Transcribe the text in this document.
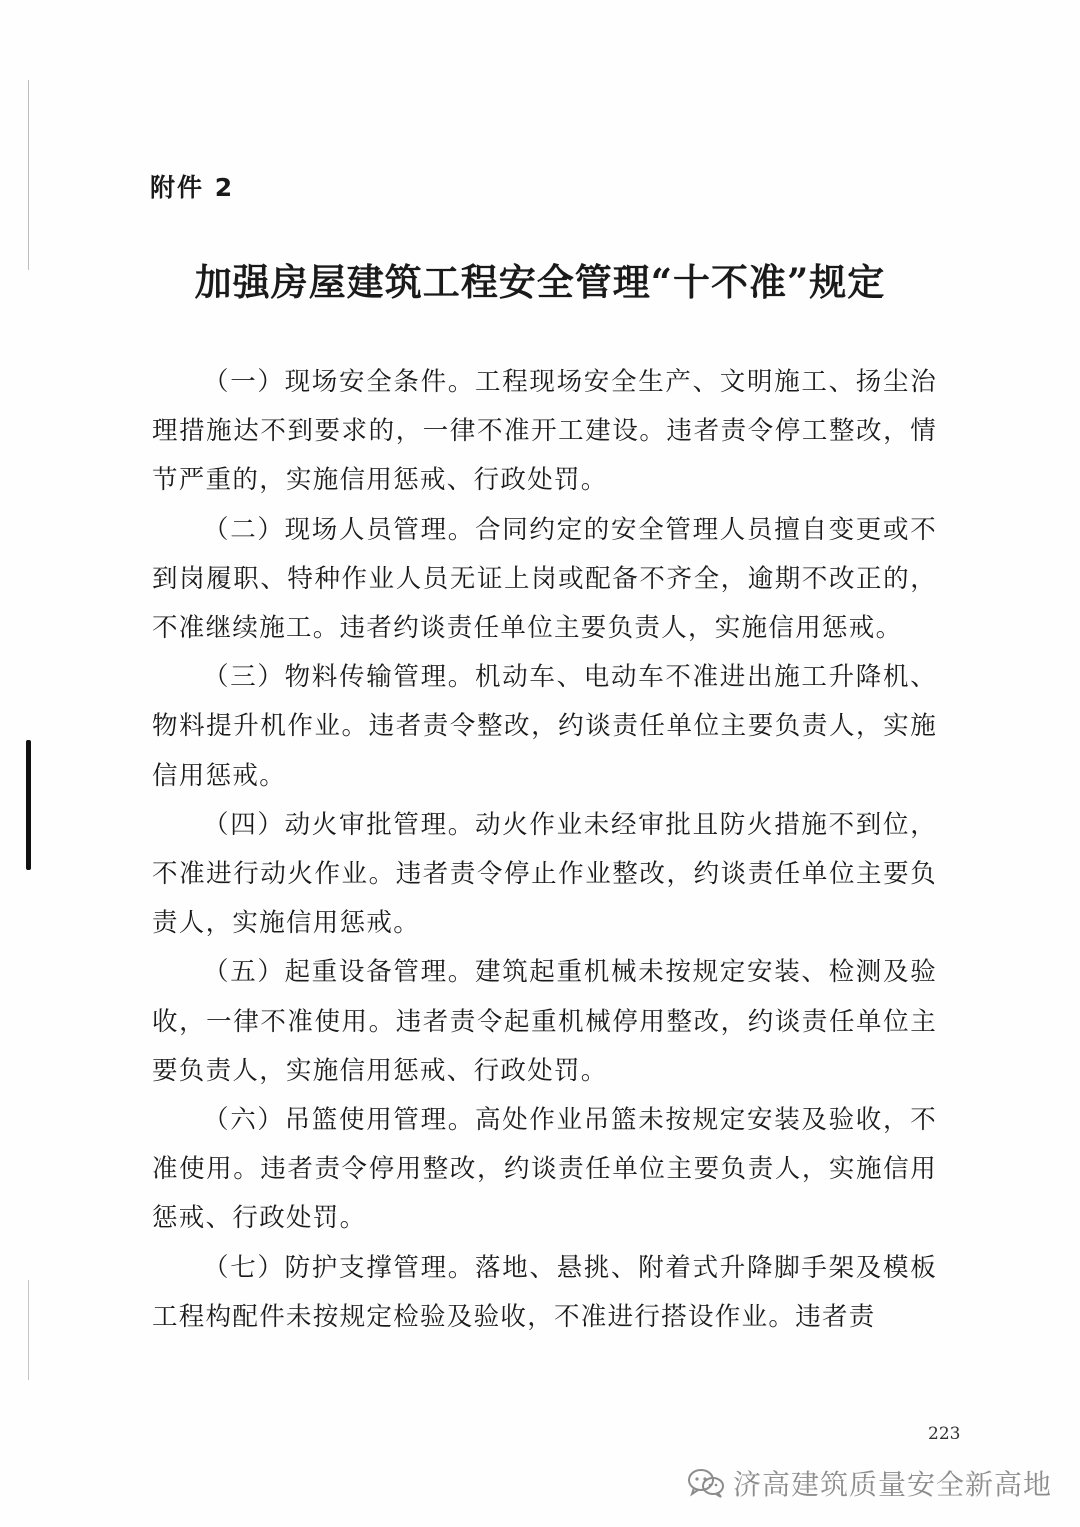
附件 2
加强房屋建筑工程安全管理“十不准”规定

（一）现场安全条件。工程现场安全生产、文明施工、扬尘治理措施达不到要求的，一律不准开工建设。违者责令停工整改，情节严重的，实施信用惩戒、行政处罚。

（二）现场人员管理。合同约定的安全管理人员擅自变更或不到岗履职、特种作业人员无证上岗或配备不齐全，逾期不改正的，不准继续施工。违者约谈责任单位主要负责人，实施信用惩戒。

（三）物料传输管理。机动车、电动车不准进出施工升降机、物料提升机作业。违者责令整改，约谈责任单位主要负责人，实施信用惩戒。

（四）动火审批管理。动火作业未经审批且防火措施不到位，不准进行动火作业。违者责令停止作业整改，约谈责任单位主要负责人，实施信用惩戒。

（五）起重设备管理。建筑起重机械未按规定安装、检测及验收，一律不准使用。违者责令起重机械停用整改，约谈责任单位主要负责人，实施信用惩戒、行政处罚。

（六）吊篮使用管理。高处作业吊篮未按规定安装及验收，不准使用。违者责令停用整改，约谈责任单位主要负责人，实施信用惩戒、行政处罚。

（七）防护支撑管理。落地、悬挑、附着式升降脚手架及模板工程构配件未按规定检验及验收，不准进行搭设作业。违者责

223
济高建筑质量安全新高地
